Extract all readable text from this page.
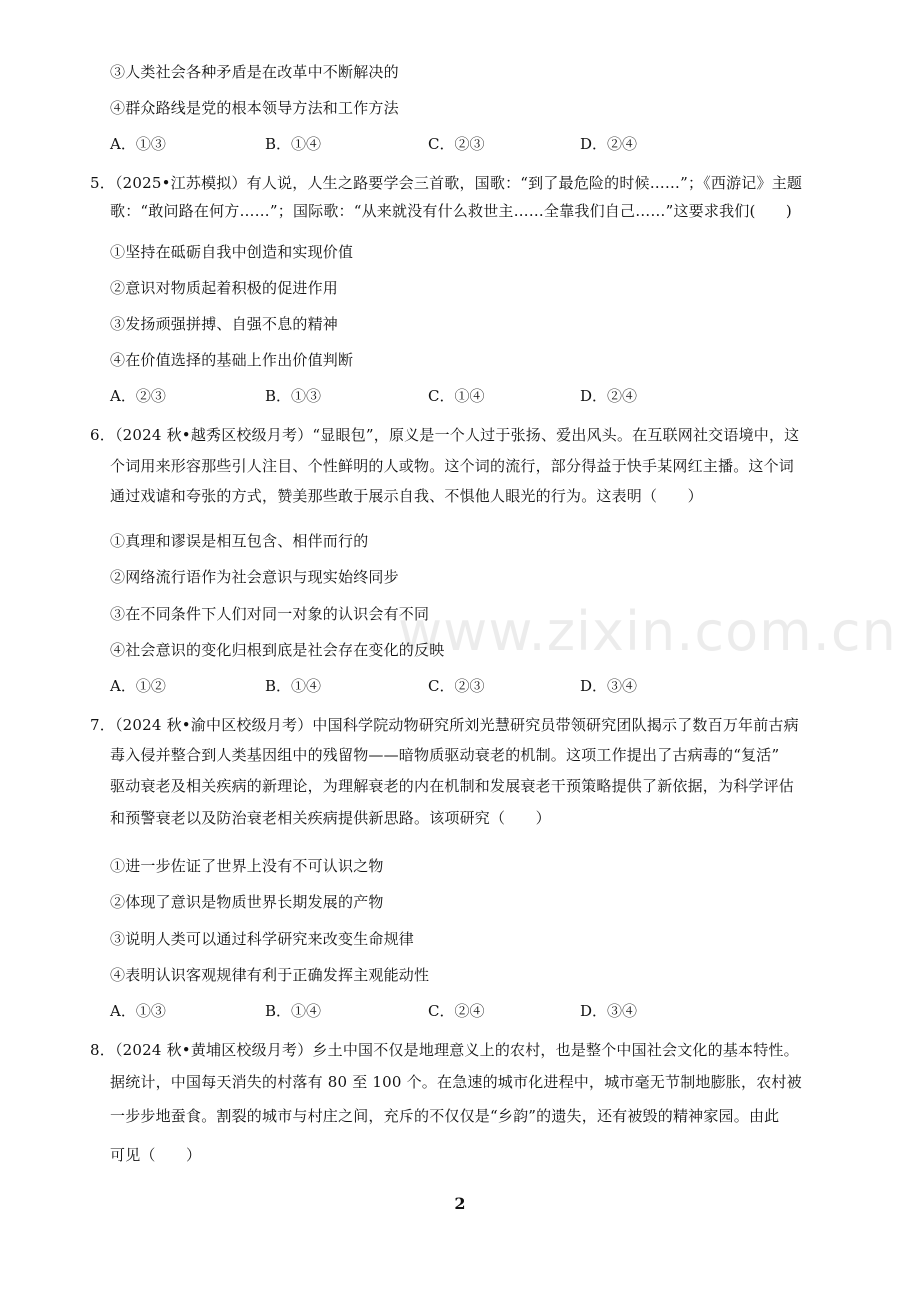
③人类社会各种矛盾是在改革中不断解决的
④群众路线是党的根本领导方法和工作方法
5．（2025•江苏模拟）有人说，人生之路要学会三首歌，国歌：“到了最危险的时候……”；《西游记》主题
歌：“敢问路在何方……”；国际歌：“从来就没有什么救世主……全靠我们自己……”这要求我们(　　)
①坚持在砥砺自我中创造和实现价值
②意识对物质起着积极的促进作用
③发扬顽强拼搏、自强不息的精神
④在价值选择的基础上作出价值判断
6．（2024 秋•越秀区校级月考）“显眼包”，原义是一个人过于张扬、爱出风头。在互联网社交语境中，这
个词用来形容那些引人注目、个性鲜明的人或物。这个词的流行，部分得益于快手某网红主播。这个词
通过戏谑和夸张的方式，赞美那些敢于展示自我、不惧他人眼光的行为。这表明（　　）
①真理和谬误是相互包含、相伴而行的
②网络流行语作为社会意识与现实始终同步
③在不同条件下人们对同一对象的认识会有不同
④社会意识的变化归根到底是社会存在变化的反映
7．（2024 秋•渝中区校级月考）中国科学院动物研究所刘光慧研究员带领研究团队揭示了数百万年前古病
毒入侵并整合到人类基因组中的残留物——暗物质驱动衰老的机制。这项工作提出了古病毒的“复活”
驱动衰老及相关疾病的新理论，为理解衰老的内在机制和发展衰老干预策略提供了新依据，为科学评估
和预警衰老以及防治衰老相关疾病提供新思路。该项研究（　　）
①进一步佐证了世界上没有不可认识之物
②体现了意识是物质世界长期发展的产物
③说明人类可以通过科学研究来改变生命规律
④表明认识客观规律有利于正确发挥主观能动性
8．（2024 秋•黄埔区校级月考）乡土中国不仅是地理意义上的农村，也是整个中国社会文化的基本特性。
据统计，中国每天消失的村落有 80 至 100 个。在急速的城市化进程中，城市毫无节制地膨胀，农村被
一步步地蚕食。割裂的城市与村庄之间，充斥的不仅仅是“乡韵”的遗失，还有被毁的精神家园。由此
可见（　　）
A．①③	B．①④	C．②③	D．②④
A．②③	B．①③	C．①④	D．②④
A．①②	B．①④	C．②③	D．③④
A．①③	B．①④	C．②④	D．③④
www.zixin.com.cn
2
